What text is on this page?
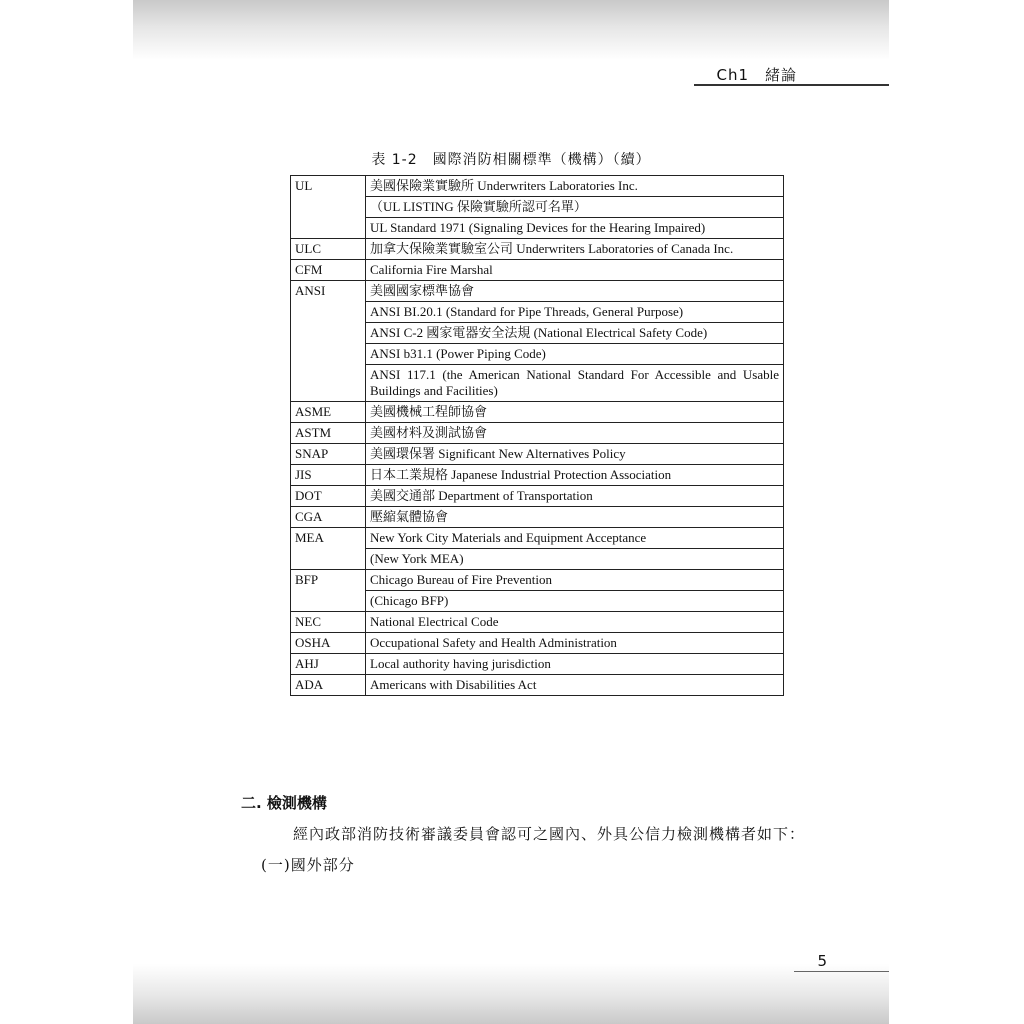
Ch1　緒論
表 1-2　國際消防相關標準（機構）（續）
UL	美國保險業實驗所 Underwriters Laboratories Inc.
	（UL LISTING 保險實驗所認可名單）
	UL Standard 1971 (Signaling Devices for the Hearing Impaired)
ULC	加拿大保險業實驗室公司 Underwriters Laboratories of Canada Inc.
CFM	California Fire Marshal
ANSI	美國國家標準協會
	ANSI BI.20.1 (Standard for Pipe Threads, General Purpose)
	ANSI C-2 國家電器安全法規 (National Electrical Safety Code)
	ANSI b31.1 (Power Piping Code)
	ANSI 117.1 (the American National Standard For Accessible and Usable Buildings and Facilities)
ASME	美國機械工程師協會
ASTM	美國材料及測試協會
SNAP	美國環保署 Significant New Alternatives Policy
JIS	日本工業規格 Japanese Industrial Protection Association
DOT	美國交通部 Department of Transportation
CGA	壓縮氣體協會
MEA	New York City Materials and Equipment Acceptance
	(New York MEA)
BFP	Chicago Bureau of Fire Prevention
	(Chicago BFP)
NEC	National Electrical Code
OSHA	Occupational Safety and Health Administration
AHJ	Local authority having jurisdiction
ADA	Americans with Disabilities Act
二. 檢測機構
經內政部消防技術審議委員會認可之國內、外具公信力檢測機構者如下：
(一)國外部分
5
